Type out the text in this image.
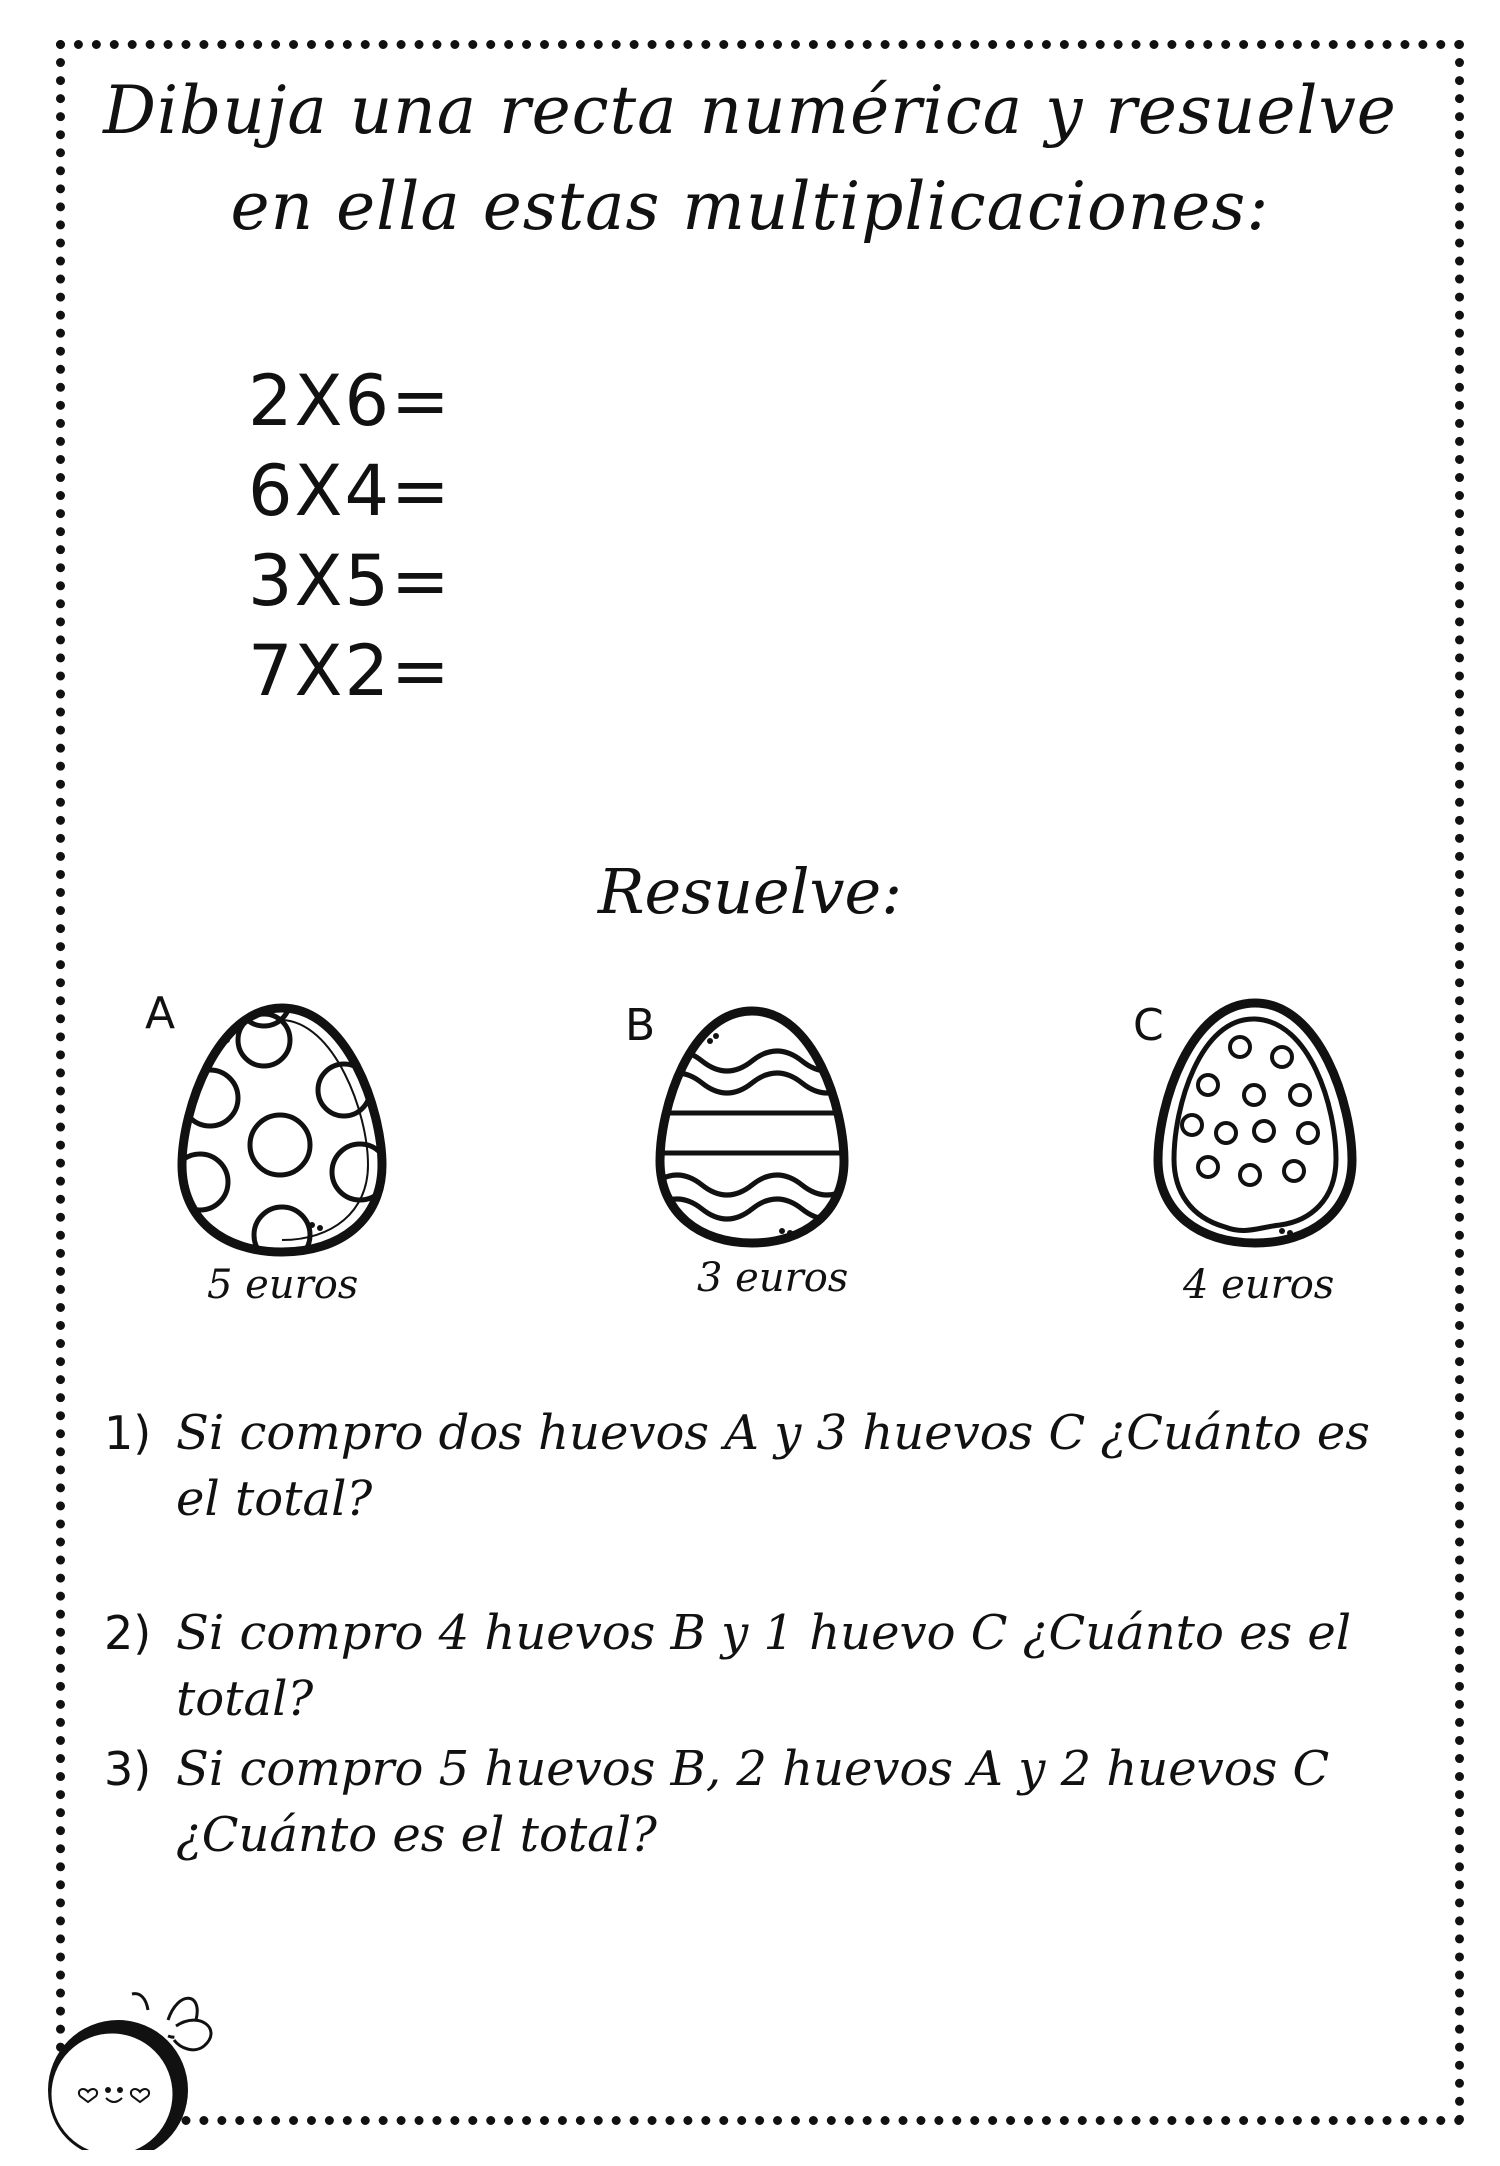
Dibuja una recta numérica y resuelve
en ella estas multiplicaciones:
2X6=
6X4=
3X5=
7X2=
Resuelve:
A
5 euros
B
3 euros
C
4 euros
1) Si compro dos huevos A y 3 huevos C ¿Cuánto es el total?
2) Si compro 4 huevos B y 1 huevo C ¿Cuánto es el total?
3) Si compro 5 huevos B, 2 huevos A y 2 huevos C ¿Cuánto es el total?
